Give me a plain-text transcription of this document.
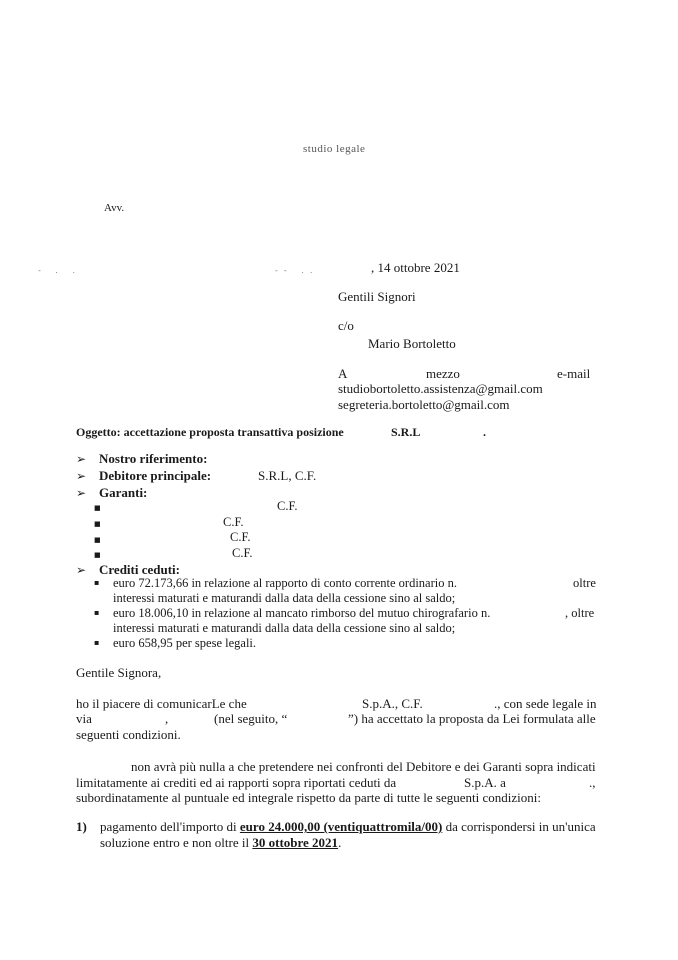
studio legale
Avv.
- . .	-- ..	, 14 ottobre 2021
Gentili Signori
c/o
Mario Bortoletto
A	mezzo	e-mail
studiobortoletto.assistenza@gmail.com
segreteria.bortoletto@gmail.com
Oggetto: accettazione proposta transattiva posizione	S.R.L	.
➢ Nostro riferimento:
➢ Debitore principale:	S.R.L, C.F.
➢ Garanti:
■	C.F.
■	C.F.
■	C.F.
■	C.F.
➢ Crediti ceduti:
▪ euro 72.173,66 in relazione al rapporto di conto corrente ordinario n.	oltre
interessi maturati e maturandi dalla data della cessione sino al saldo;
▪ euro 18.006,10 in relazione al mancato rimborso del mutuo chirografario n.	, oltre
interessi maturati e maturandi dalla data della cessione sino al saldo;
▪ euro 658,95 per spese legali.
Gentile Signora,
ho il piacere di comunicarLe che	S.p.A., C.F.	., con sede legale in
via	,	(nel seguito, “	”) ha accettato la proposta da Lei formulata alle
seguenti condizioni.
non avrà più nulla a che pretendere nei confronti del Debitore e dei Garanti sopra indicati
limitatamente ai crediti ed ai rapporti sopra riportati ceduti da	S.p.A. a	.,
subordinatamente al puntuale ed integrale rispetto da parte di tutte le seguenti condizioni:
1) pagamento dell'importo di euro 24.000,00 (ventiquattromila/00) da corrispondersi in un'unica
soluzione entro e non oltre il 30 ottobre 2021.
